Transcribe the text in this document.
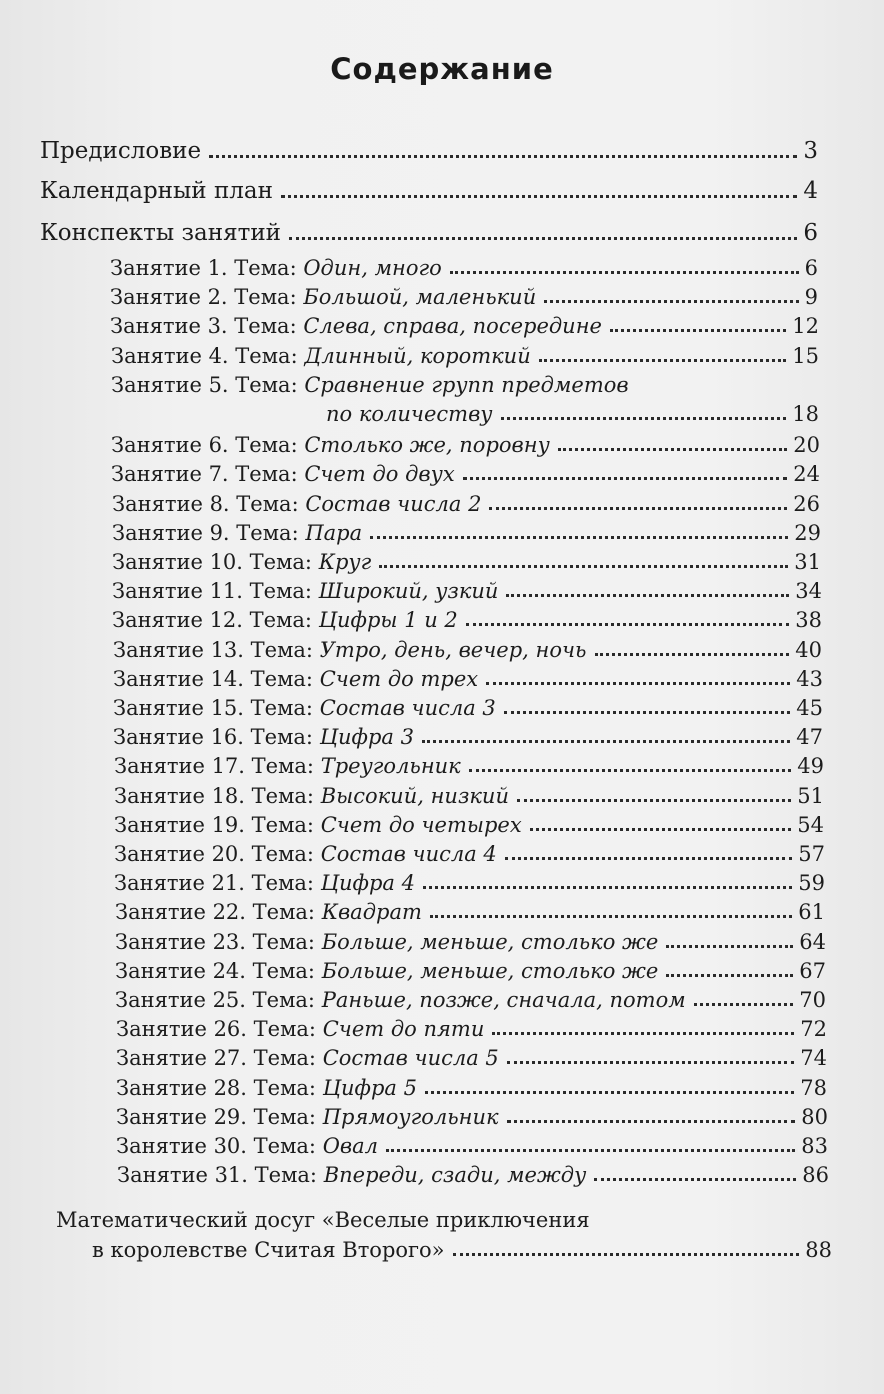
Содержание
Предисловие	3
Календарный план	4
Конспекты занятий	6
Занятие 1. Тема: Один, много	6
Занятие 2. Тема: Большой, маленький	9
Занятие 3. Тема: Слева, справа, посередине	12
Занятие 4. Тема: Длинный, короткий	15
Занятие 5. Тема: Сравнение групп предметов
по количеству	18
Занятие 6. Тема: Столько же, поровну	20
Занятие 7. Тема: Счет до двух	24
Занятие 8. Тема: Состав числа 2	26
Занятие 9. Тема: Пара	29
Занятие 10. Тема: Круг	31
Занятие 11. Тема: Широкий, узкий	34
Занятие 12. Тема: Цифры 1 и 2	38
Занятие 13. Тема: Утро, день, вечер, ночь	40
Занятие 14. Тема: Счет до трех	43
Занятие 15. Тема: Состав числа 3	45
Занятие 16. Тема: Цифра 3	47
Занятие 17. Тема: Треугольник	49
Занятие 18. Тема: Высокий, низкий	51
Занятие 19. Тема: Счет до четырех	54
Занятие 20. Тема: Состав числа 4	57
Занятие 21. Тема: Цифра 4	59
Занятие 22. Тема: Квадрат	61
Занятие 23. Тема: Больше, меньше, столько же	64
Занятие 24. Тема: Больше, меньше, столько же	67
Занятие 25. Тема: Раньше, позже, сначала, потом	70
Занятие 26. Тема: Счет до пяти	72
Занятие 27. Тема: Состав числа 5	74
Занятие 28. Тема: Цифра 5	78
Занятие 29. Тема: Прямоугольник	80
Занятие 30. Тема: Овал	83
Занятие 31. Тема: Впереди, сзади, между	86
Математический досуг «Веселые приключения
в королевстве Считая Второго»	88
